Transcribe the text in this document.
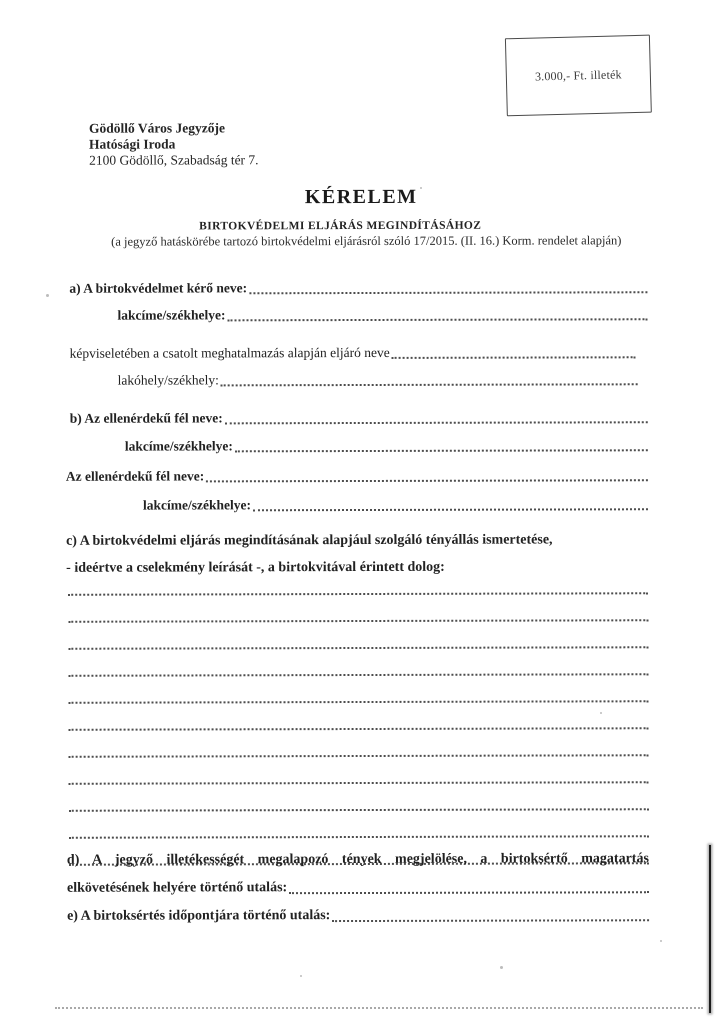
3.000,- Ft. illeték
Gödöllő Város Jegyzője
Hatósági Iroda
2100 Gödöllő, Szabadság tér 7.
KÉRELEM
BIRTOKVÉDELMI ELJÁRÁS MEGINDÍTÁSÁHOZ
(a jegyző hatáskörébe tartozó birtokvédelmi eljárásról szóló 17/2015. (II. 16.) Korm. rendelet alapján)
a) A birtokvédelmet kérő neve:
lakcíme/székhelye:
képviseletében a csatolt meghatalmazás alapján eljáró neve
lakóhely/székhely:
b) Az ellenérdekű fél neve:
lakcíme/székhelye:
Az ellenérdekű fél neve:
lakcíme/székhelye:
c) A birtokvédelmi eljárás megindításának alapjául szolgáló tényállás ismertetése,
- ideértve a cselekmény leírását -, a birtokvitával érintett dolog:
d) A jegyző illetékességét megalapozó tények megjelölése, a birtoksértő magatartás
elkövetésének helyére történő utalás:
e) A birtoksértés időpontjára történő utalás:
